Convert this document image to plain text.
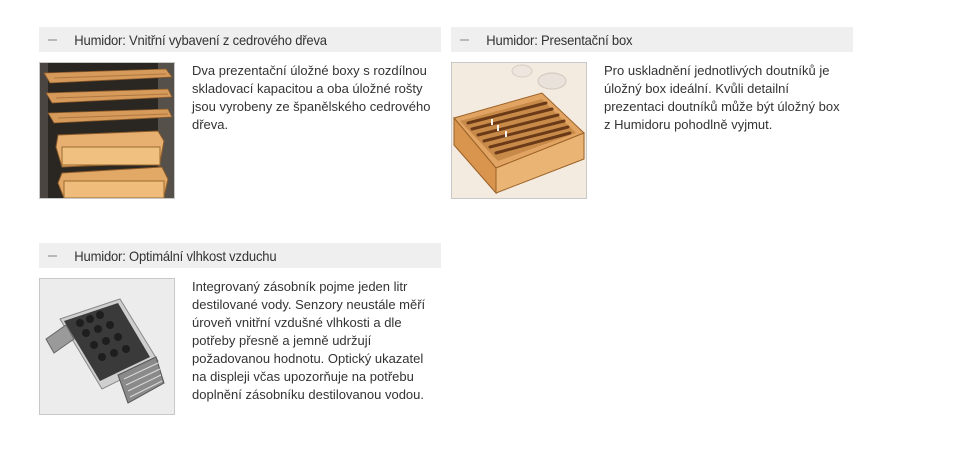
Humidor: Vnitřní vybavení z cedrového dřeva
Dva prezentační úložné boxy s rozdílnou skladovací kapacitou a oba úložné rošty jsou vyrobeny ze španělského cedrového dřeva.
Humidor: Presentační box
Pro uskladnění jednotlivých doutníků je úložný box ideální. Kvůli detailní prezentaci doutníků může být úložný box z Humidoru pohodlně vyjmut.
Humidor: Optimální vlhkost vzduchu
Integrovaný zásobník pojme jeden litr destilované vody. Senzory neustále měří úroveň vnitřní vzdušné vlhkosti a dle potřeby přesně a jemně udržují požadovanou hodnotu. Optický ukazatel na displeji včas upozorňuje na potřebu doplnění zásobníku destilovanou vodou.
